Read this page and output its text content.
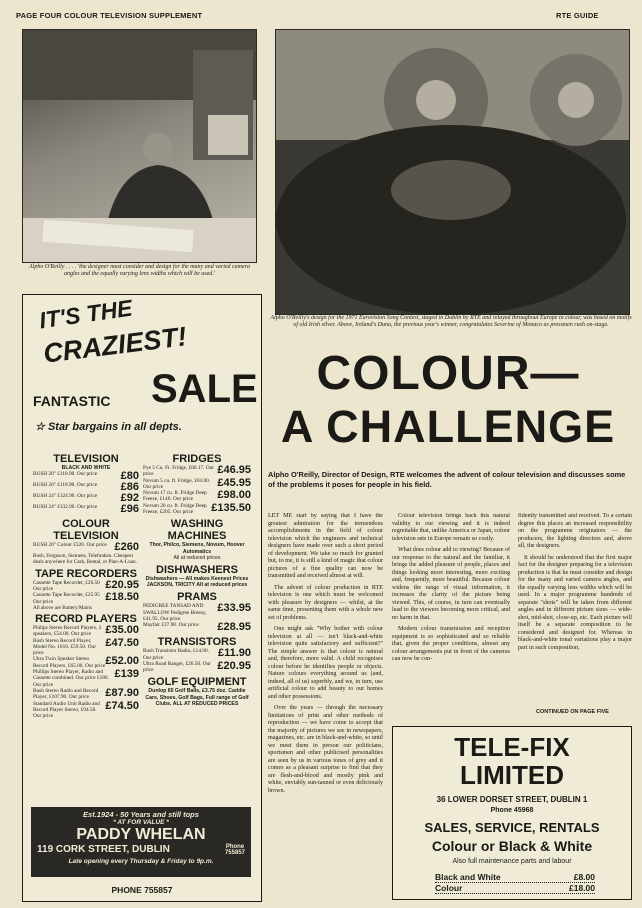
PAGE FOUR COLOUR TELEVISION SUPPLEMENT	RTE GUIDE
Alpho O'Reilly . . . . 'the designer must consider and design for the many and varied camera angles and the equally varying lens widths which will be used.'
Alpho O'Reilly's design for the 1971 Eurovision Song Contest, staged in Dublin by RTE and relayed throughout Europe in colour, was based on motifs of old Irish silver. Above, Ireland's Dana, the previous year's winner, congratulates Severine of Monaco as pressmen rush on-stage.
COLOUR—
A CHALLENGE
Alpho O'Reilly, Director of Design, RTE welcomes the advent of colour television and discusses some of the problems it poses for people in his field.

LET ME start by saying that I have the greatest admiration for the tremendous accomplishments in the field of colour television which the engineers and technical designers have made over such a short period of development. We take so much for granted but, to me, it is still a kind of magic that colour pictures of a fine quality can now be transmitted and received almost at will.

The advent of colour production in RTE television is one which must be welcomed with pleasure by designers — whilst, at the same time, presenting them with a whole new set of problems.

One might ask "Why bother with colour television at all — isn't black-and-white television quite satisfactory and sufficient?" The simple answer is that colour is natural and, therefore, more valid. A child recognises colour before he identifies people or objects. Nature colours everything around us (and, indeed, all of us) superbly, and we, in turn, use artificial colour to add beauty to our homes and other possessions.

Over the years — through the necessary limitations of print and other methods of reproduction — we have come to accept that the majority of pictures we see in newspapers, magazines, etc. are in black-and-white, so until we meet them in person our politicians, sportsmen and other publicised personalities are seen by us in various tones of grey and it comes as a pleasant surprise to find that they are flesh-and-blood and mostly pink and white, enviably sun-tanned or even deliciously brown.

Colour television brings back this natural validity to our viewing and it is indeed regrettable that, unlike America or Japan, colour television sets in Europe remain so costly.

What does colour add to viewing? Because of our response to the natural and the familiar, it brings the added pleasure of people, places and things looking more interesting, more exciting and, frequently, more beautiful. Because colour widens the range of visual information, it increases the clarity of the picture being viewed. This, of course, in turn can eventually lead to the viewers becoming more critical, and no harm in that.

Modern colour transmission and reception equipment is so sophisticated and so reliable that, given the proper conditions, almost any colour arrangements put in front of the cameras can now be con-

fidently transmitted and received. To a certain degree this places an increased responsibility on the programme originators — the producers, the lighting directors and, above all, the designers.

It should be understood that the first major fact for the designer preparing for a television production is that he must consider and design for the many and varied camera angles, and the equally varying lens widths which will be used. In a major programme hundreds of separate "shots" will be taken from different angles and in different picture sizes — wide-shot, mid-shot, close-up, etc. Each picture will itself be a separate composition to be considered and designed for. Whereas in black-and-white tonal variations play a major part in such composition,

CONTINUED ON PAGE FIVE
TELE-FIX
LIMITED
36 LOWER DORSET STREET, DUBLIN 1
Phone 45968
SALES, SERVICE, RENTALS
Colour or Black & White
Also full maintenance parts and labour
Black and White	£8.00
Colour	£18.00
IT'S THE
CRAZIEST!
FANTASTIC SALE
☆ Star bargains in all depts.
TELEVISION
BLACK AND WHITE
BUSH 20" £118.90. Our price £80
BUSH 20" £118.90. Our price £86
BUSH 24" £124.90. Our price £92
BUSH 24" £132.90. Our price £96
COLOUR TELEVISION
BUSH 20" Colour £326. Our price £260
Bush, Ferguson, Siemens, Telefunken. Cheapest deals anywhere for Cash, Rental, or Plan-A-Loan.
TAPE RECORDERS
Cassette Tape Recorder, £26.50 Our price	£20.95
Cassette Tape Recorder, £25.95 Our price	£18.50
All above are Battery/Mains
RECORD PLAYERS
Philips Stereo Record Players, 2 speakers, £54.00. Our price	£35.00
Bush Stereo Record Player, Model No. 1016. £59.50. Our price
£47.50
Ultra Twin Speaker Stereo Record Players, £65.00. Our price £52.00
Phillips Stereo Player, Radio and Cassette combined. Our price £186. Our price
£139
Bush Stereo Radio and Record Player, £107.90. Our price	£87.90
Standard Audio Unit Radio and Record Player Stereo, £94.50. Our price
£74.50
FRIDGES
Pye 5 Cu. Ft. Fridge, £60.17. Our price	£46.95
Novum 5 cu. ft. Fridge, £63.00. Our price	£45.95
Novum 17 cu. ft. Fridge Deep Freeze, £146. Our price	£98.00
Novum 20 cu. ft. Fridge Deep Freeze, £205. Our price	£135.50
WASHING MACHINES
Thor, Philco, Siemens, Novum, Hoover Automatics
All at reduced prices
DISHWASHERS
Dishwashers — All makes Keenest Prices JACKSON, TRICITY All at reduced prices
PRAMS
PEDIGREE TANSAD AND SWALLOW Pedigree Breezy, £41.95. Our price
£33.95
Mayfair £37.90. Our price £28.95
TRANSISTORS
Bush Transistor Radio, £14.90. Our price	£11.90
Ultra Road Ranger, £26.50. Our price	£20.95
GOLF EQUIPMENT
Dunlop 65 Golf Balls, £3.75 doz. Caddie Cars, Shoes, Golf Bags, Full range of Golf Clubs. ALL AT REDUCED PRICES
Est.1924 - 50 Years and still tops
* AT FOR VALUE *
PADDY WHELAN
119 CORK STREET, DUBLIN	Phone
755857
Late opening every Thursday & Friday to 9p.m.
PHONE 755857
